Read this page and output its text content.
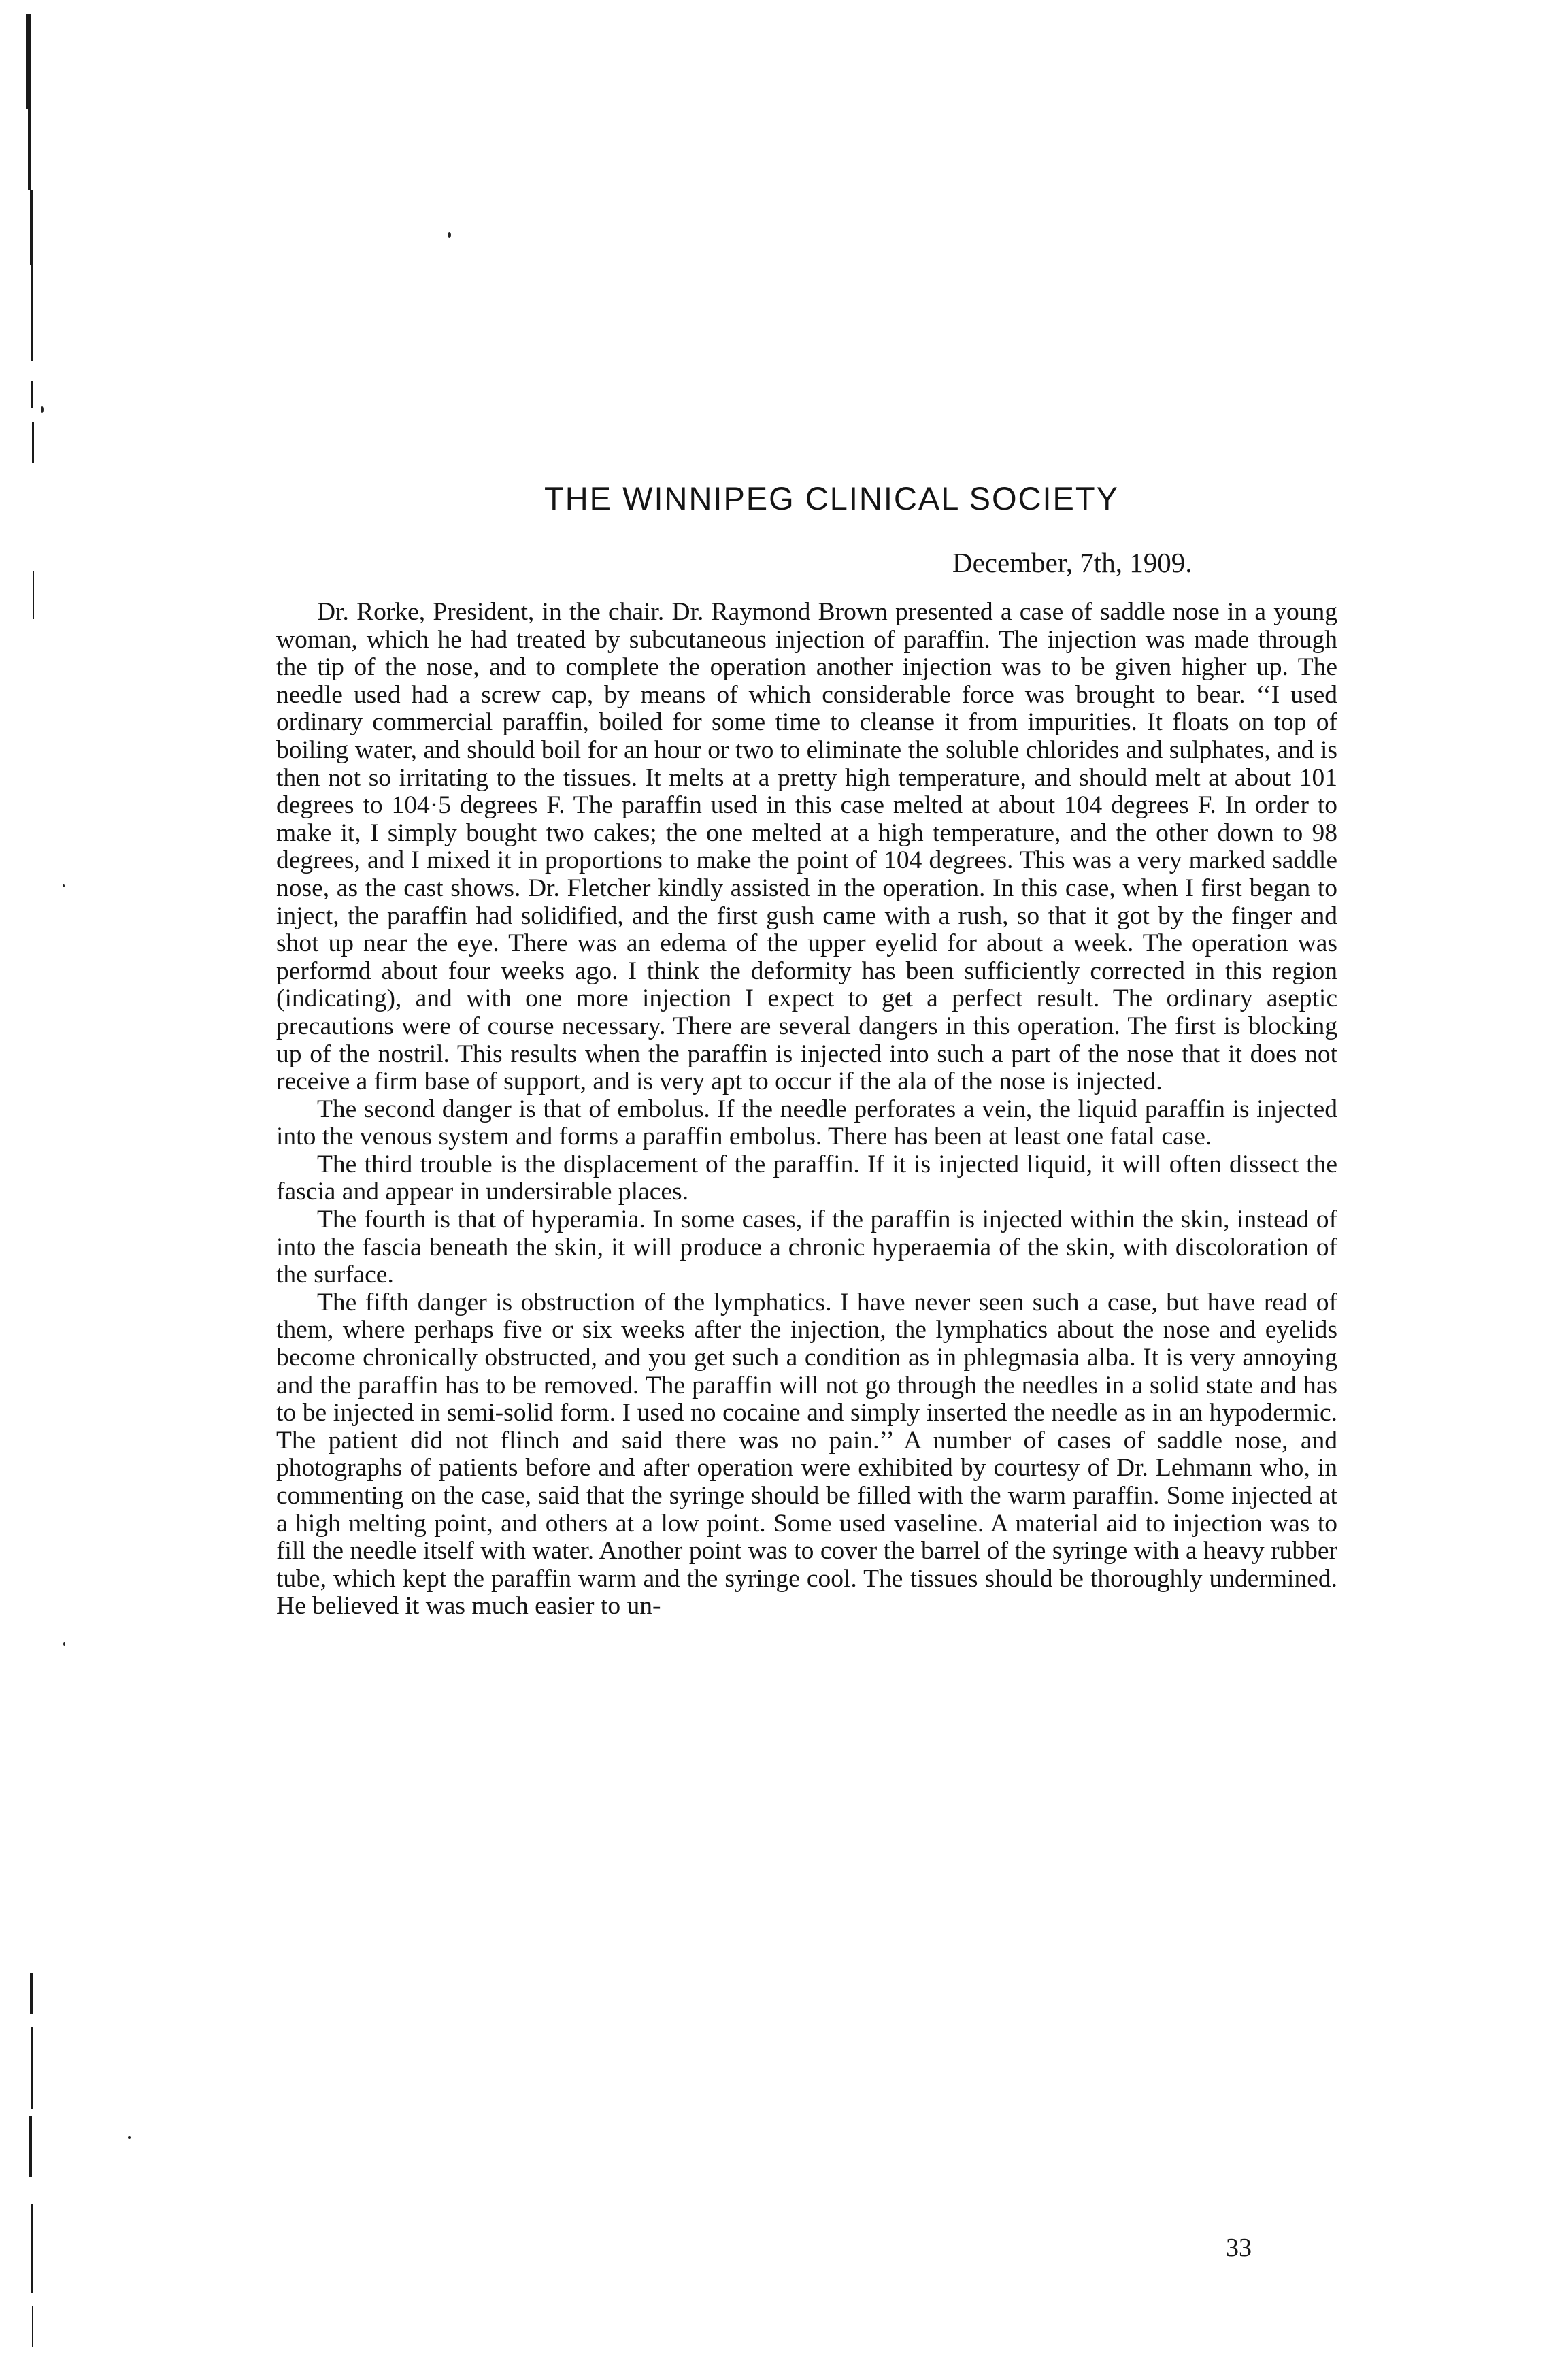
THE WINNIPEG CLINICAL SOCIETY

December, 7th, 1909.

Dr. Rorke, President, in the chair. Dr. Raymond Brown presented a case of saddle nose in a young woman, which he had treated by subcutaneous injection of paraffin. The injection was made through the tip of the nose, and to complete the operation another injection was to be given higher up. The needle used had a screw cap, by means of which considerable force was brought to bear. ‘‘I used ordinary commercial paraffin, boiled for some time to cleanse it from impurities. It floats on top of boiling water, and should boil for an hour or two to eliminate the soluble chlorides and sulphates, and is then not so irritating to the tissues. It melts at a pretty high temperature, and should melt at about 101 degrees to 104·5 degrees F. The paraffin used in this case melted at about 104 degrees F. In order to make it, I simply bought two cakes; the one melted at a high temperature, and the other down to 98 degrees, and I mixed it in proportions to make the point of 104 degrees. This was a very marked saddle nose, as the cast shows. Dr. Fletcher kindly assisted in the operation. In this case, when I first began to inject, the paraffin had solidified, and the first gush came with a rush, so that it got by the finger and shot up near the eye. There was an edema of the upper eyelid for about a week. The operation was performd about four weeks ago. I think the deformity has been sufficiently corrected in this region (indicating), and with one more injection I expect to get a perfect result. The ordinary aseptic precautions were of course necessary. There are several dangers in this operation. The first is blocking up of the nostril. This results when the paraffin is injected into such a part of the nose that it does not receive a firm base of support, and is very apt to occur if the ala of the nose is injected.

The second danger is that of embolus. If the needle perforates a vein, the liquid paraffin is injected into the venous system and forms a paraffin embolus. There has been at least one fatal case.

The third trouble is the displacement of the paraffin. If it is injected liquid, it will often dissect the fascia and appear in undersirable places.

The fourth is that of hyperamia. In some cases, if the paraffin is injected within the skin, instead of into the fascia beneath the skin, it will produce a chronic hyperaemia of the skin, with discoloration of the surface.

The fifth danger is obstruction of the lymphatics. I have never seen such a case, but have read of them, where perhaps five or six weeks after the injection, the lymphatics about the nose and eyelids become chronically obstructed, and you get such a condition as in phlegmasia alba. It is very annoying and the paraffin has to be removed. The paraffin will not go through the needles in a solid state and has to be injected in semi-solid form. I used no cocaine and simply inserted the needle as in an hypodermic. The patient did not flinch and said there was no pain.’’ A number of cases of saddle nose, and photographs of patients before and after operation were exhibited by courtesy of Dr. Lehmann who, in commenting on the case, said that the syringe should be filled with the warm paraffin. Some injected at a high melting point, and others at a low point. Some used vaseline. A material aid to injection was to fill the needle itself with water. Another point was to cover the barrel of the syringe with a heavy rubber tube, which kept the paraffin warm and the syringe cool. The tissues should be thoroughly undermined. He believed it was much easier to un-

33
